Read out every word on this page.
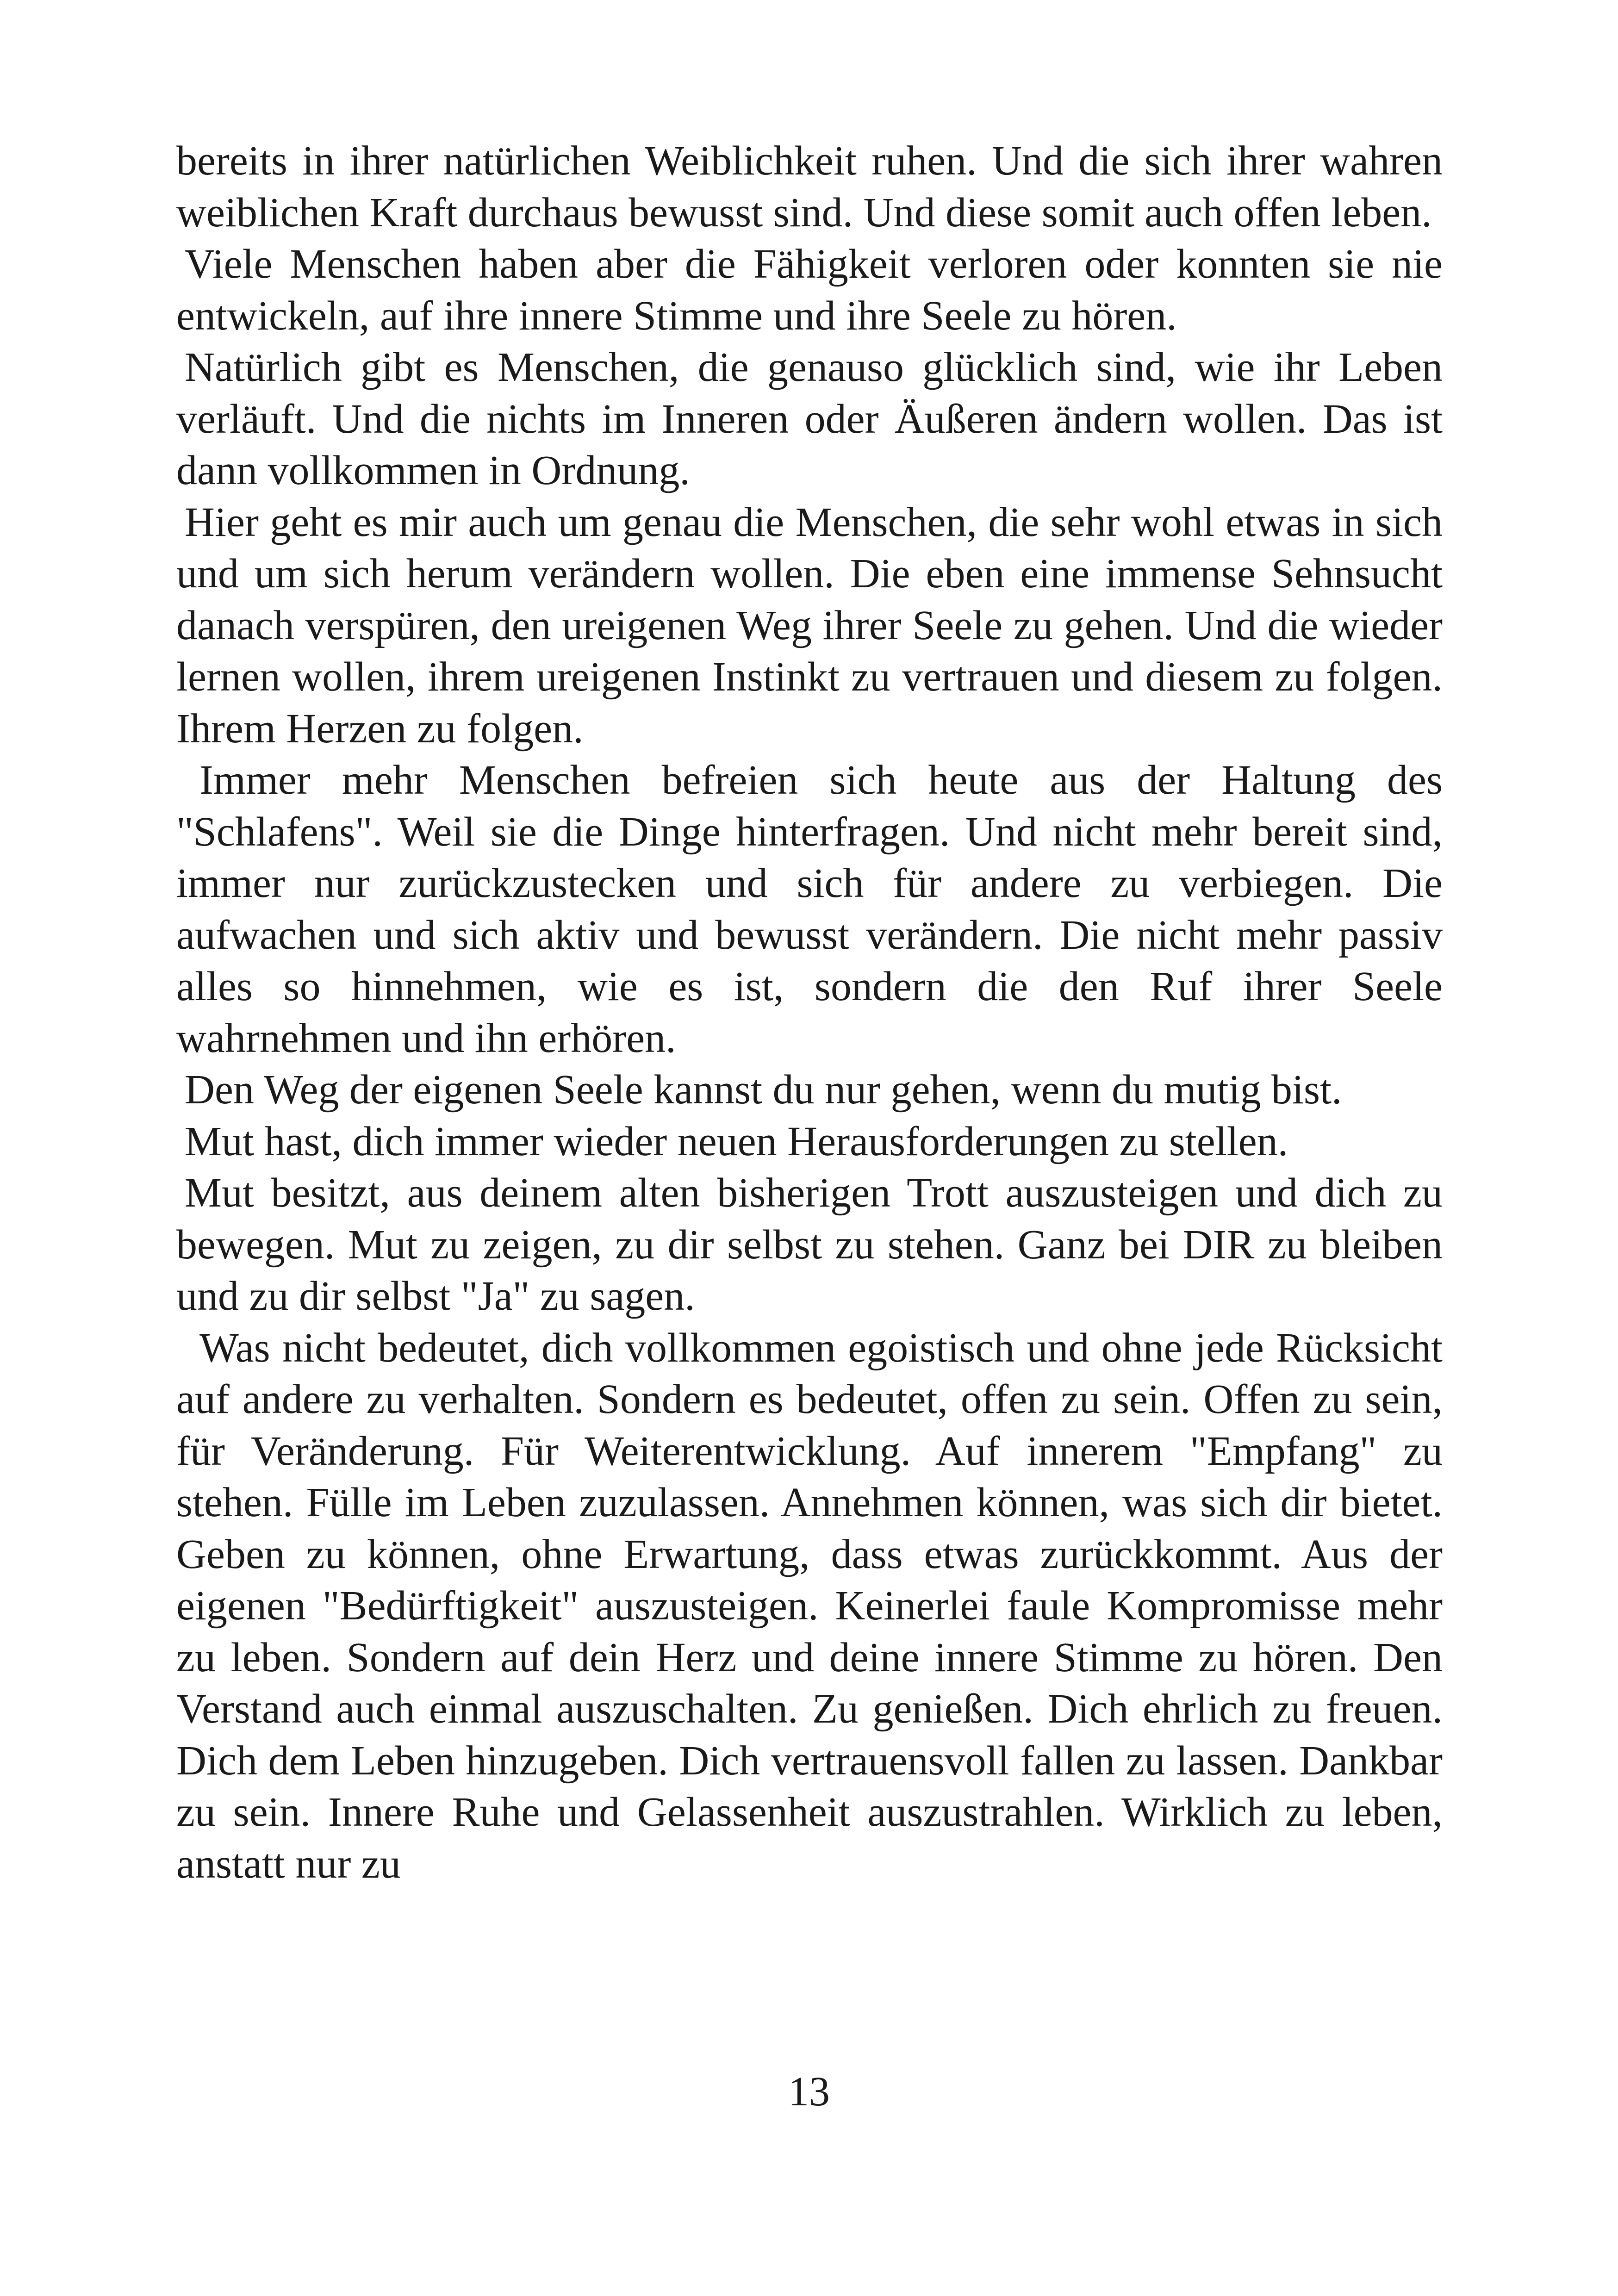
bereits in ihrer natürlichen Weiblichkeit ruhen. Und die sich ihrer wahren weiblichen Kraft durchaus bewusst sind. Und diese somit auch offen leben.

Viele Menschen haben aber die Fähigkeit verloren oder konnten sie nie entwickeln, auf ihre innere Stimme und ihre Seele zu hören.

Natürlich gibt es Menschen, die genauso glücklich sind, wie ihr Leben verläuft. Und die nichts im Inneren oder Äußeren ändern wollen. Das ist dann vollkommen in Ordnung.

Hier geht es mir auch um genau die Menschen, die sehr wohl etwas in sich und um sich herum verändern wollen. Die eben eine immense Sehnsucht danach verspüren, den ureigenen Weg ihrer Seele zu gehen. Und die wieder lernen wollen, ihrem ureigenen Instinkt zu vertrauen und diesem zu folgen. Ihrem Herzen zu folgen.

Immer mehr Menschen befreien sich heute aus der Haltung des "Schlafens". Weil sie die Dinge hinterfragen. Und nicht mehr bereit sind, immer nur zurückzustecken und sich für andere zu verbiegen. Die aufwachen und sich aktiv und bewusst verändern. Die nicht mehr passiv alles so hinnehmen, wie es ist, sondern die den Ruf ihrer Seele wahrnehmen und ihn erhören.

Den Weg der eigenen Seele kannst du nur gehen, wenn du mutig bist.

Mut hast, dich immer wieder neuen Herausforderungen zu stellen.

Mut besitzt, aus deinem alten bisherigen Trott auszusteigen und dich zu bewegen. Mut zu zeigen, zu dir selbst zu stehen. Ganz bei DIR zu bleiben und zu dir selbst "Ja" zu sagen.

Was nicht bedeutet, dich vollkommen egoistisch und ohne jede Rücksicht auf andere zu verhalten. Sondern es bedeutet, offen zu sein. Offen zu sein, für Veränderung. Für Weiterentwicklung. Auf innerem "Empfang" zu stehen. Fülle im Leben zuzulassen. Annehmen können, was sich dir bietet. Geben zu können, ohne Erwartung, dass etwas zurückkommt. Aus der eigenen "Bedürftigkeit" auszusteigen. Keinerlei faule Kompromisse mehr zu leben. Sondern auf dein Herz und deine innere Stimme zu hören. Den Verstand auch einmal auszuschalten. Zu genießen. Dich ehrlich zu freuen. Dich dem Leben hinzugeben. Dich vertrauensvoll fallen zu lassen. Dankbar zu sein. Innere Ruhe und Gelassenheit auszustrahlen. Wirklich zu leben, anstatt nur zu

13
